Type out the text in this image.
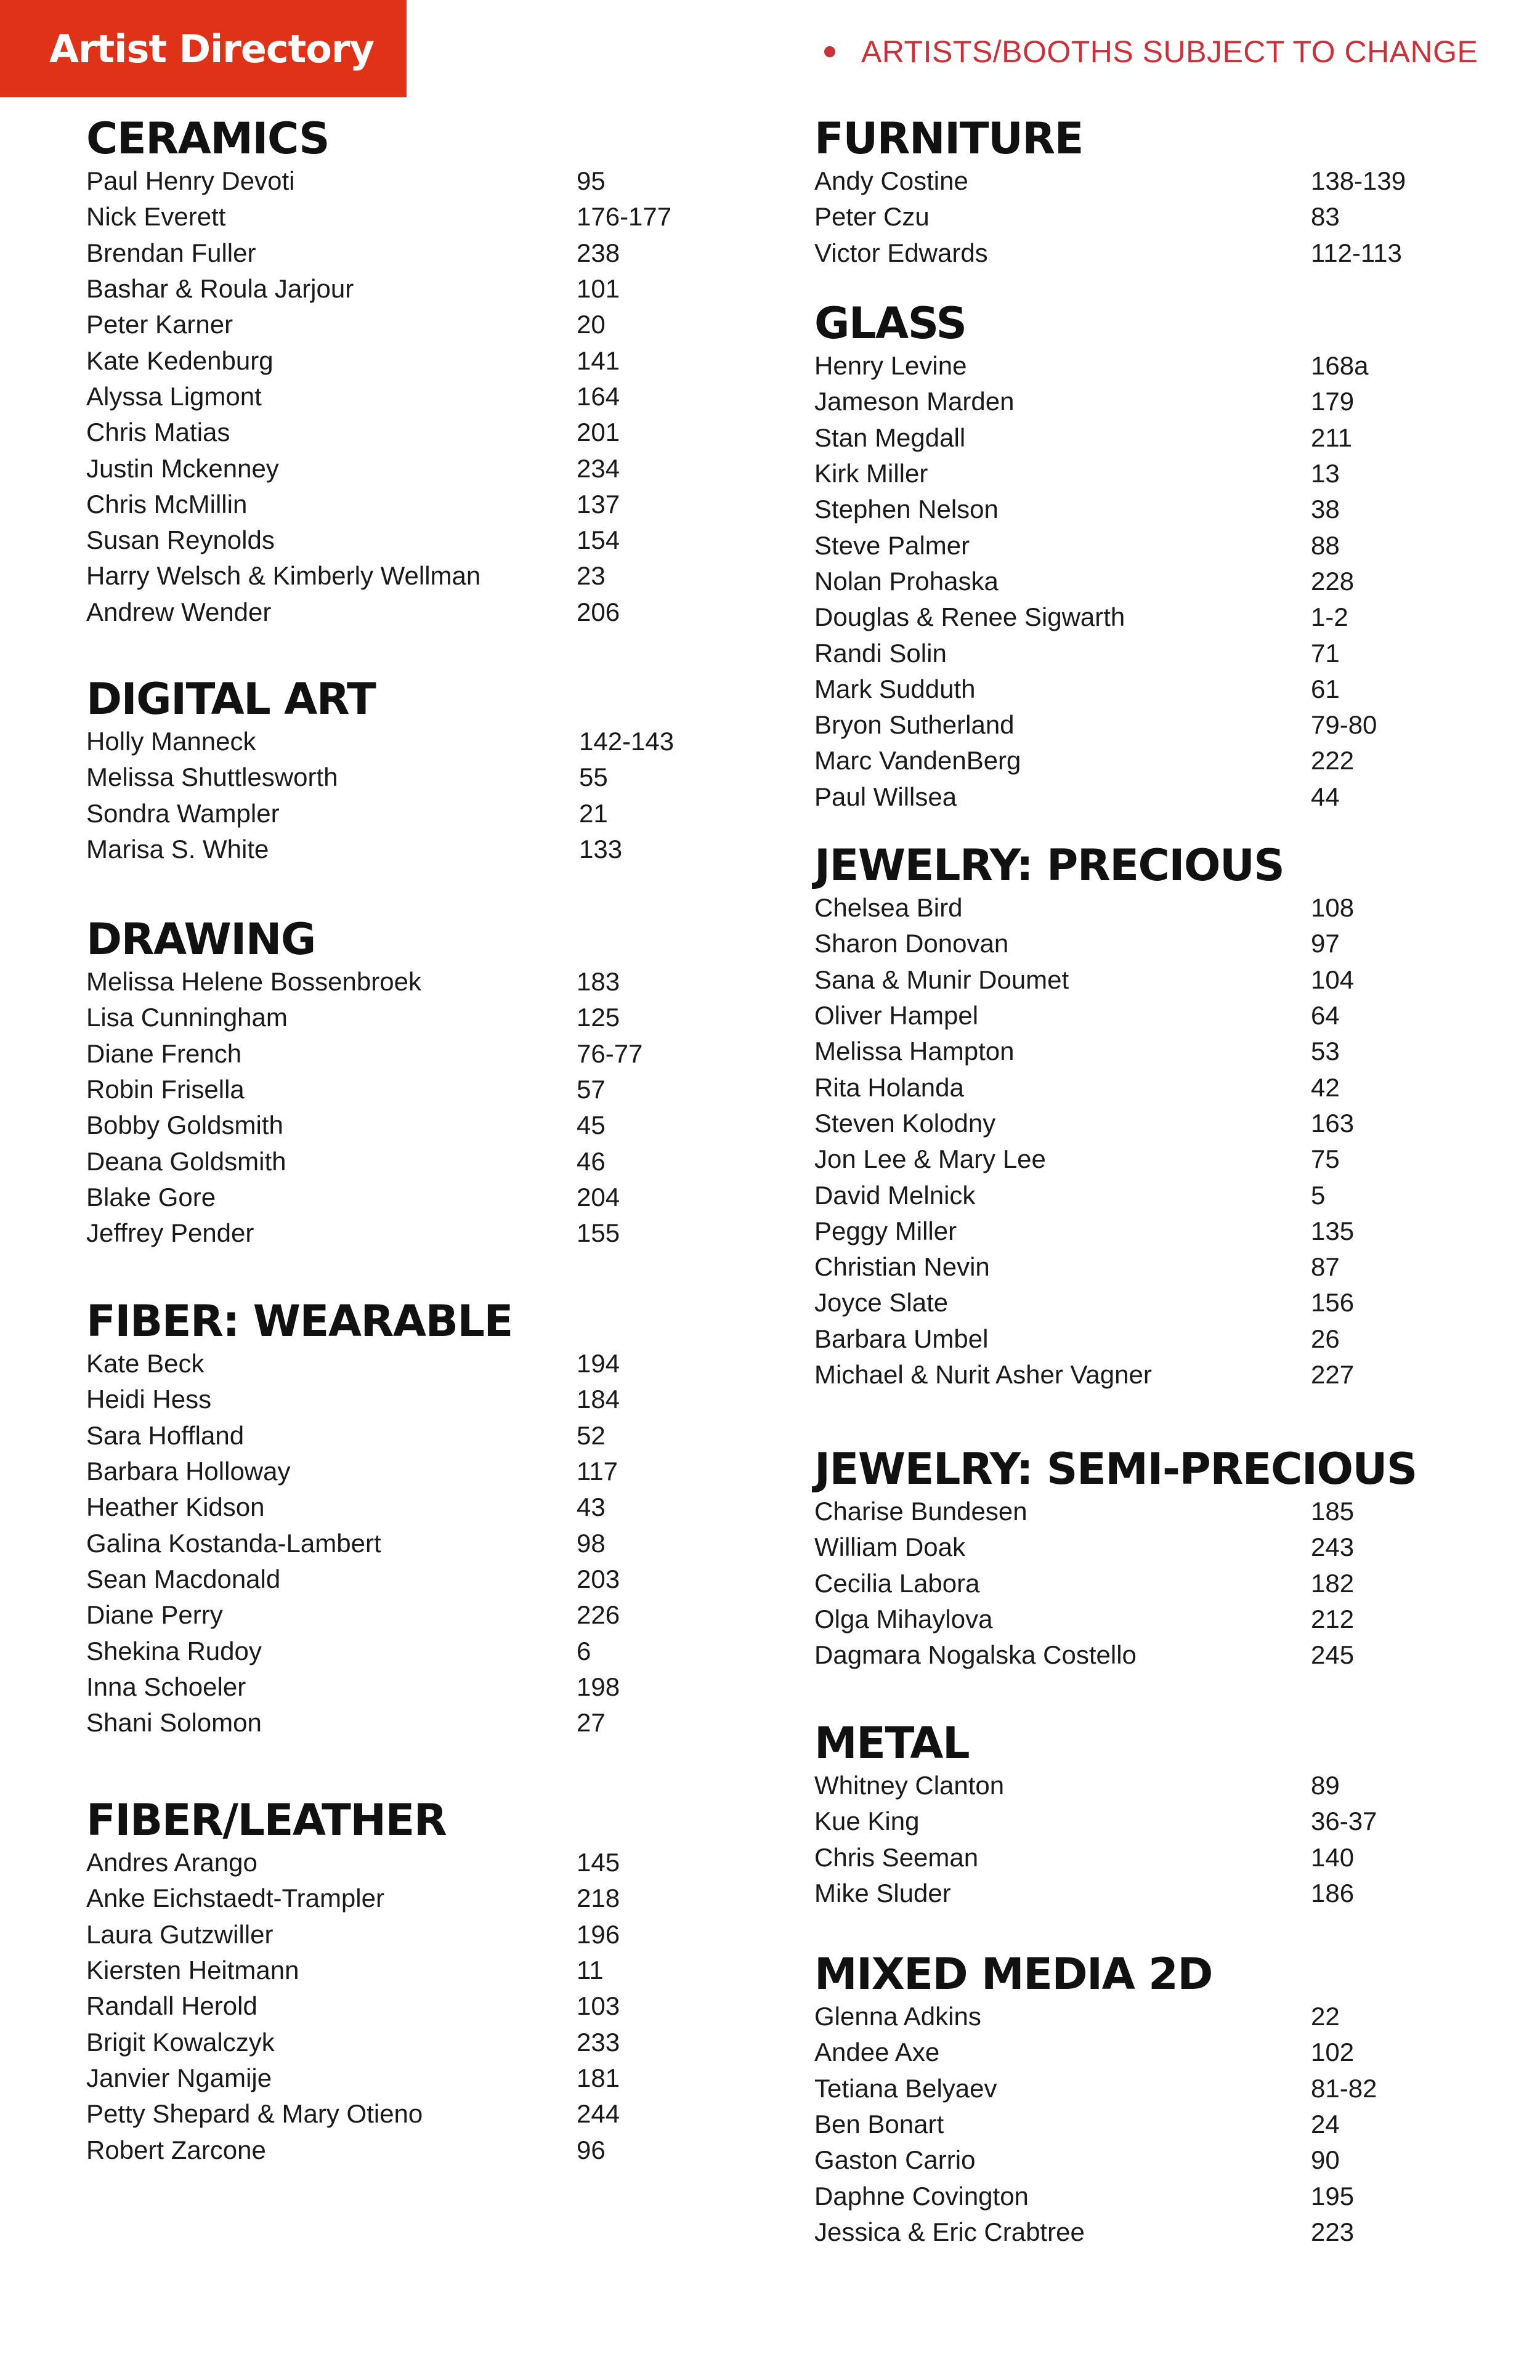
Artist Directory	ARTISTS/BOOTHS SUBJECT TO CHANGE
CERAMICS
Paul Henry Devoti	95
Nick Everett	176-177
Brendan Fuller	238
Bashar & Roula Jarjour	101
Peter Karner	20
Kate Kedenburg	141
Alyssa Ligmont	164
Chris Matias	201
Justin Mckenney	234
Chris McMillin	137
Susan Reynolds	154
Harry Welsch & Kimberly Wellman	23
Andrew Wender	206
DIGITAL ART
Holly Manneck	142-143
Melissa Shuttlesworth	55
Sondra Wampler	21
Marisa S. White	133
DRAWING
Melissa Helene Bossenbroek	183
Lisa Cunningham	125
Diane French	76-77
Robin Frisella	57
Bobby Goldsmith	45
Deana Goldsmith	46
Blake Gore	204
Jeffrey Pender	155
FIBER: WEARABLE
Kate Beck	194
Heidi Hess	184
Sara Hoffland	52
Barbara Holloway	117
Heather Kidson	43
Galina Kostanda-Lambert	98
Sean Macdonald	203
Diane Perry	226
Shekina Rudoy	6
Inna Schoeler	198
Shani Solomon	27
FIBER/LEATHER
Andres Arango	145
Anke Eichstaedt-Trampler	218
Laura Gutzwiller	196
Kiersten Heitmann	11
Randall Herold	103
Brigit Kowalczyk	233
Janvier Ngamije	181
Petty Shepard & Mary Otieno	244
Robert Zarcone	96
FURNITURE
Andy Costine	138-139
Peter Czu	83
Victor Edwards	112-113
GLASS
Henry Levine	168a
Jameson Marden	179
Stan Megdall	211
Kirk Miller	13
Stephen Nelson	38
Steve Palmer	88
Nolan Prohaska	228
Douglas & Renee Sigwarth	1-2
Randi Solin	71
Mark Sudduth	61
Bryon Sutherland	79-80
Marc VandenBerg	222
Paul Willsea	44
JEWELRY: PRECIOUS
Chelsea Bird	108
Sharon Donovan	97
Sana & Munir Doumet	104
Oliver Hampel	64
Melissa Hampton	53
Rita Holanda	42
Steven Kolodny	163
Jon Lee & Mary Lee	75
David Melnick	5
Peggy Miller	135
Christian Nevin	87
Joyce Slate	156
Barbara Umbel	26
Michael & Nurit Asher Vagner	227
JEWELRY: SEMI-PRECIOUS
Charise Bundesen	185
William Doak	243
Cecilia Labora	182
Olga Mihaylova	212
Dagmara Nogalska Costello	245
METAL
Whitney Clanton	89
Kue King	36-37
Chris Seeman	140
Mike Sluder	186
MIXED MEDIA 2D
Glenna Adkins	22
Andee Axe	102
Tetiana Belyaev	81-82
Ben Bonart	24
Gaston Carrio	90
Daphne Covington	195
Jessica & Eric Crabtree	223
